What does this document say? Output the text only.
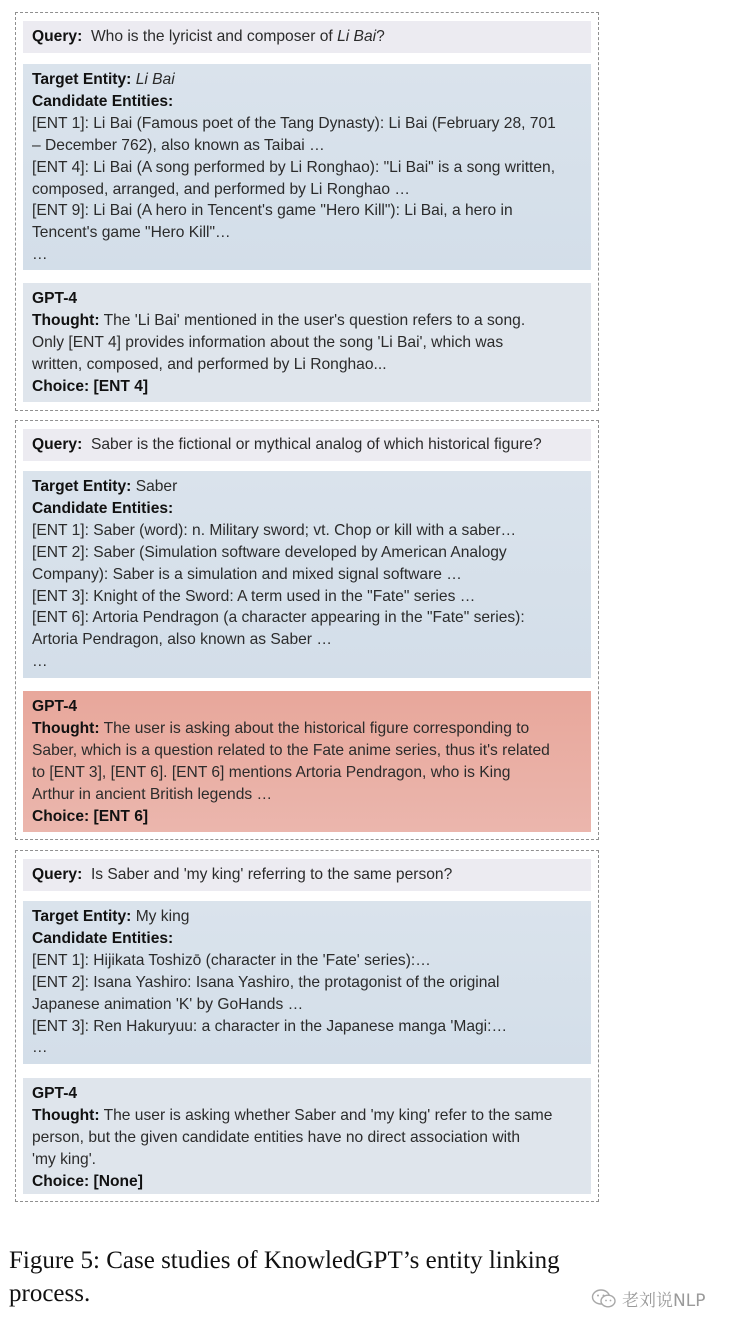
Query: Who is the lyricist and composer of Li Bai?
Target Entity: Li Bai
Candidate Entities:
[ENT 1]: Li Bai (Famous poet of the Tang Dynasty): Li Bai (February 28, 701
– December 762), also known as Taibai …
[ENT 4]: Li Bai (A song performed by Li Ronghao): "Li Bai" is a song written,
composed, arranged, and performed by Li Ronghao …
[ENT 9]: Li Bai (A hero in Tencent's game "Hero Kill"): Li Bai, a hero in
Tencent's game "Hero Kill"…
…
GPT-4
Thought: The 'Li Bai' mentioned in the user's question refers to a song.
Only [ENT 4] provides information about the song 'Li Bai', which was
written, composed, and performed by Li Ronghao...
Choice: [ENT 4]
Query: Saber is the fictional or mythical analog of which historical figure?
Target Entity: Saber
Candidate Entities:
[ENT 1]: Saber (word): n. Military sword; vt. Chop or kill with a saber…
[ENT 2]: Saber (Simulation software developed by American Analogy
Company): Saber is a simulation and mixed signal software …
[ENT 3]: Knight of the Sword: A term used in the "Fate" series …
[ENT 6]: Artoria Pendragon (a character appearing in the "Fate" series):
Artoria Pendragon, also known as Saber …
…
GPT-4
Thought: The user is asking about the historical figure corresponding to
Saber, which is a question related to the Fate anime series, thus it's related
to [ENT 3], [ENT 6]. [ENT 6] mentions Artoria Pendragon, who is King
Arthur in ancient British legends …
Choice: [ENT 6]
Query: Is Saber and 'my king' referring to the same person?
Target Entity: My king
Candidate Entities:
[ENT 1]: Hijikata Toshizō (character in the 'Fate' series):…
[ENT 2]: Isana Yashiro: Isana Yashiro, the protagonist of the original
Japanese animation 'K' by GoHands …
[ENT 3]: Ren Hakuryuu: a character in the Japanese manga 'Magi:…
…
GPT-4
Thought: The user is asking whether Saber and 'my king' refer to the same
person, but the given candidate entities have no direct association with
'my king'.
Choice: [None]
Figure 5: Case studies of KnowledGPT’s entity linking
process.	老刘说NLP
